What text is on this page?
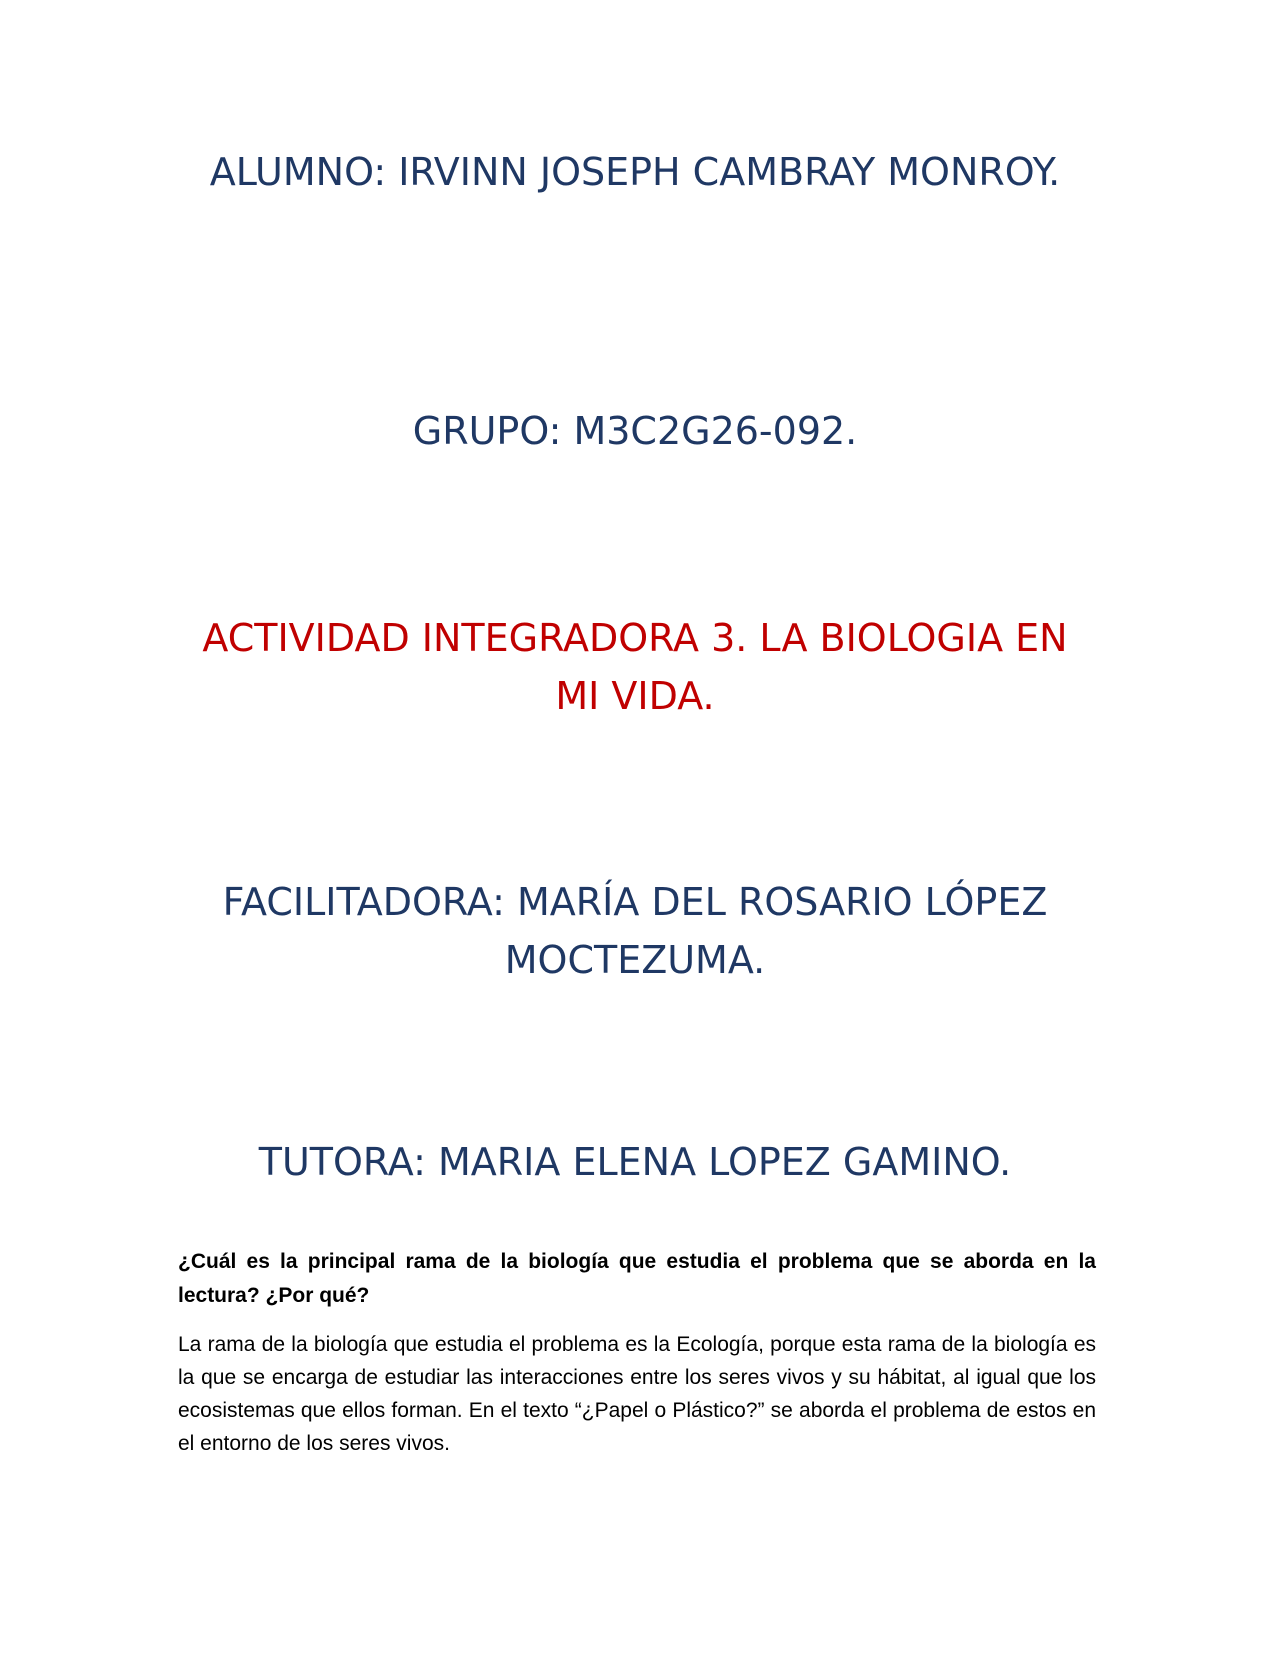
ALUMNO: IRVINN JOSEPH CAMBRAY MONROY.
GRUPO: M3C2G26-092.
ACTIVIDAD INTEGRADORA 3. LA BIOLOGIA EN MI VIDA.
FACILITADORA: MARÍA DEL ROSARIO LÓPEZ MOCTEZUMA.
TUTORA: MARIA ELENA LOPEZ GAMINO.

¿Cuál es la principal rama de la biología que estudia el problema que se aborda en la lectura? ¿Por qué?

La rama de la biología que estudia el problema es la Ecología, porque esta rama de la biología es la que se encarga de estudiar las interacciones entre los seres vivos y su hábitat, al igual que los ecosistemas que ellos forman. En el texto “¿Papel o Plástico?” se aborda el problema de estos en el entorno de los seres vivos.
